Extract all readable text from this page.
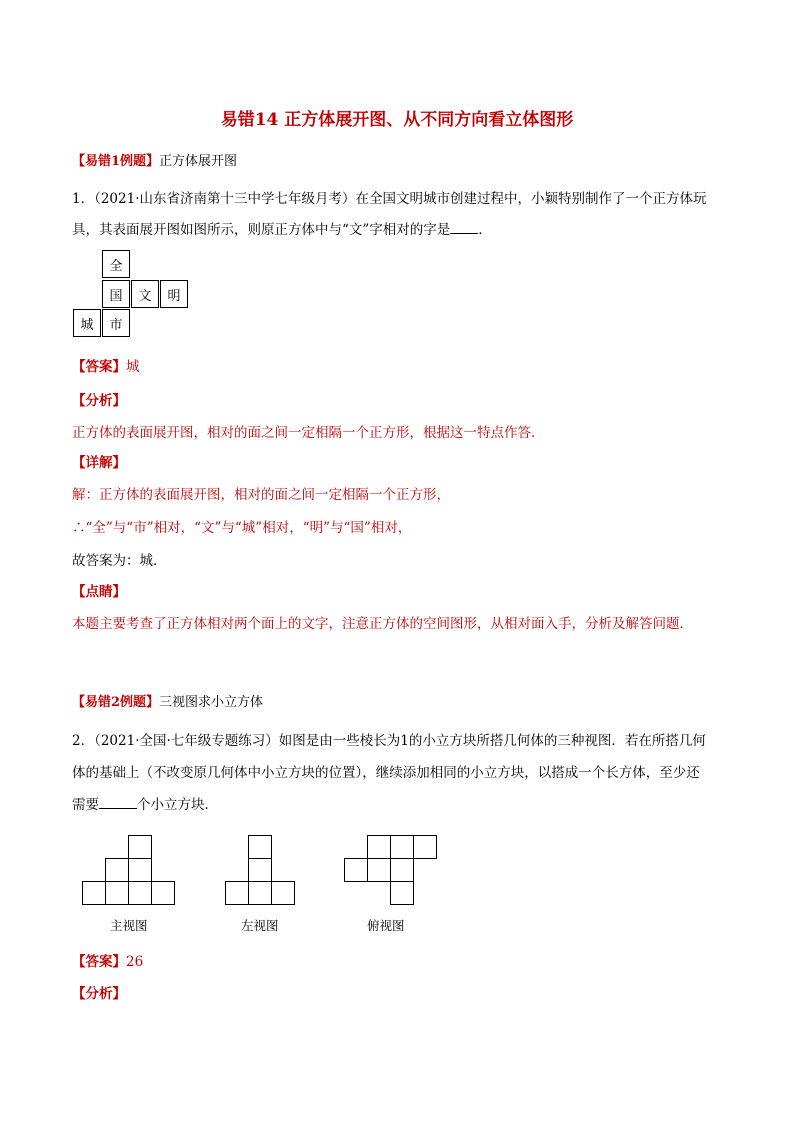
易错14 正方体展开图、从不同方向看立体图形
【易错1例题】正方体展开图
1．（2021·山东省济南第十三中学七年级月考）在全国文明城市创建过程中，小颖特别制作了一个正方体玩
具，其表面展开图如图所示，则原正方体中与“文”字相对的字是 ．
全
国	文	明
城	市
【答案】城
【分析】
正方体的表面展开图，相对的面之间一定相隔一个正方形，根据这一特点作答．
【详解】
解：正方体的表面展开图，相对的面之间一定相隔一个正方形，
∴“全”与“市”相对，“文”与“城”相对，“明”与“国”相对，
故答案为：城．
【点睛】
本题主要考查了正方体相对两个面上的文字，注意正方体的空间图形，从相对面入手，分析及解答问题．
【易错2例题】三视图求小立方体
2．（2021·全国·七年级专题练习）如图是由一些棱长为1的小立方块所搭几何体的三种视图．若在所搭几何
体的基础上（不改变原几何体中小立方块的位置），继续添加相同的小立方块，以搭成一个长方体，至少还
需要	个小立方块．
主视图	左视图	俯视图
【答案】26
【分析】
